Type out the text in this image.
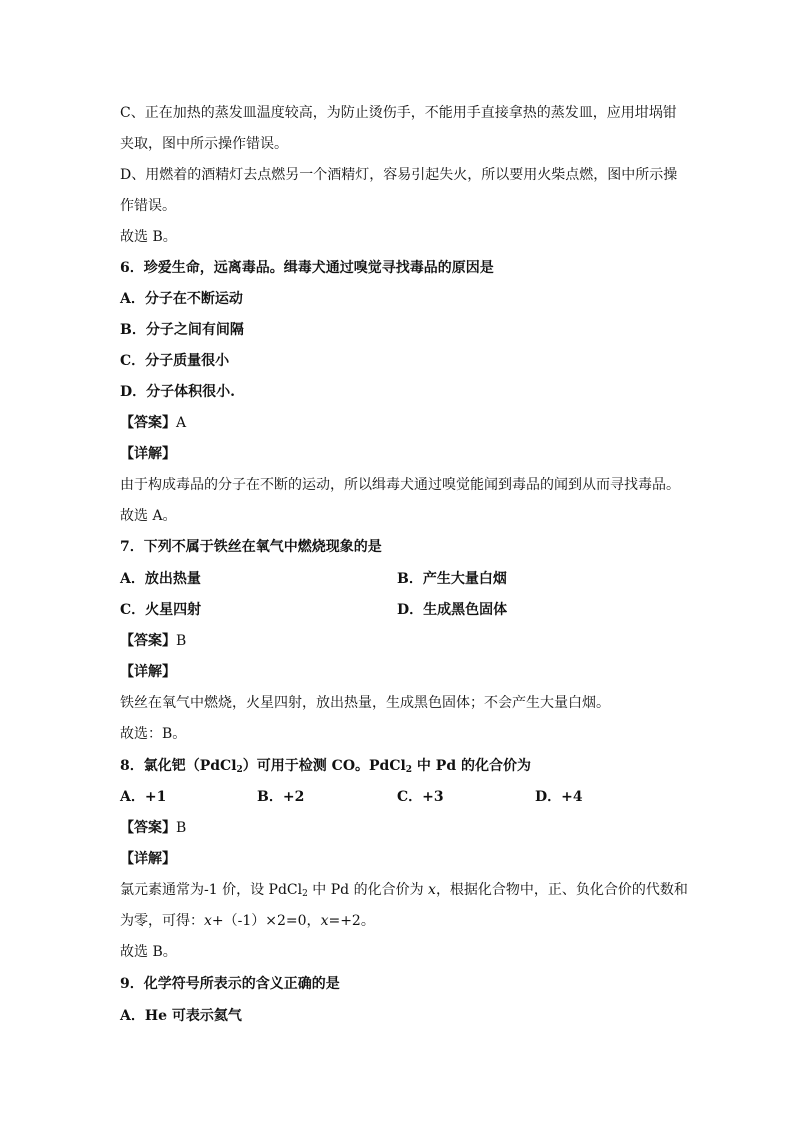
C、正在加热的蒸发皿温度较高，为防止烫伤手，不能用手直接拿热的蒸发皿，应用坩埚钳
夹取，图中所示操作错误。
D、用燃着的酒精灯去点燃另一个酒精灯，容易引起失火，所以要用火柴点燃，图中所示操
作错误。
故选 B。
6．珍爱生命，远离毒品。缉毒犬通过嗅觉寻找毒品的原因是
A．分子在不断运动
B．分子之间有间隔
C．分子质量很小
D．分子体积很小.
【答案】A
【详解】
由于构成毒品的分子在不断的运动，所以缉毒犬通过嗅觉能闻到毒品的闻到从而寻找毒品。
故选 A。
7．下列不属于铁丝在氧气中燃烧现象的是
A．放出热量	B．产生大量白烟
C．火星四射	D．生成黑色固体
【答案】B
【详解】
铁丝在氧气中燃烧，火星四射，放出热量，生成黑色固体；不会产生大量白烟。
故选：B。
8．氯化钯（PdCl$_2$）可用于检测 CO。PdCl$_2$ 中 Pd 的化合价为
A．+1	B．+2	C．+3	D．+4
【答案】B
【详解】
氯元素通常为-1 价，设 PdCl$_2$ 中 Pd 的化合价为 x，根据化合物中，正、负化合价的代数和
为零，可得：x+（-1）×2=0，x=+2。
故选 B。
9．化学符号所表示的含义正确的是
A．He 可表示氦气
